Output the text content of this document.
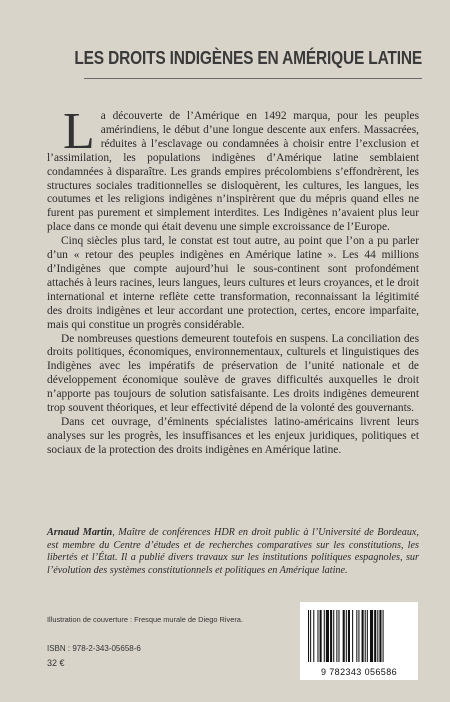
LES DROITS INDIGÈNES EN AMÉRIQUE LATINE

La découverte de l’Amérique en 1492 marqua, pour les peuples amérindiens, le début d’une longue descente aux enfers. Massacrées, réduites à l’esclavage ou condamnées à choisir entre l’exclusion et l’assimilation, les populations indigènes d’Amérique latine semblaient condamnées à disparaître. Les grands empires précolombiens s’effondrèrent, les structures sociales traditionnelles se disloquèrent, les cultures, les langues, les coutumes et les religions indigènes n’inspirèrent que du mépris quand elles ne furent pas purement et simplement interdites. Les Indigènes n’avaient plus leur place dans ce monde qui était devenu une simple excroissance de l’Europe.

Cinq siècles plus tard, le constat est tout autre, au point que l’on a pu parler d’un « retour des peuples indigènes en Amérique latine ». Les 44 millions d’Indigènes que compte aujourd’hui le sous-continent sont profondément attachés à leurs racines, leurs langues, leurs cultures et leurs croyances, et le droit international et interne reflète cette transformation, reconnaissant la légitimité des droits indigènes et leur accordant une protection, certes, encore imparfaite, mais qui constitue un progrès considérable.

De nombreuses questions demeurent toutefois en suspens. La conciliation des droits politiques, économiques, environnementaux, culturels et linguistiques des Indigènes avec les impératifs de préservation de l’unité nationale et de développement économique soulève de graves difficultés auxquelles le droit n’apporte pas toujours de solution satisfaisante. Les droits indigènes demeurent trop souvent théoriques, et leur effectivité dépend de la volonté des gouvernants.

Dans cet ouvrage, d’éminents spécialistes latino-américains livrent leurs analyses sur les progrès, les insuffisances et les enjeux juridiques, politiques et sociaux de la protection des droits indigènes en Amérique latine.

Arnaud Martin, Maître de conférences HDR en droit public à l’Université de Bordeaux, est membre du Centre d’études et de recherches comparatives sur les constitutions, les libertés et l’État. Il a publié divers travaux sur les institutions politiques espagnoles, sur l’évolution des systèmes constitutionnels et politiques en Amérique latine.
Illustration de couverture : Fresque murale de Diego Rivera.
ISBN : 978-2-343-05658-6
32 €
9 782343 056586
